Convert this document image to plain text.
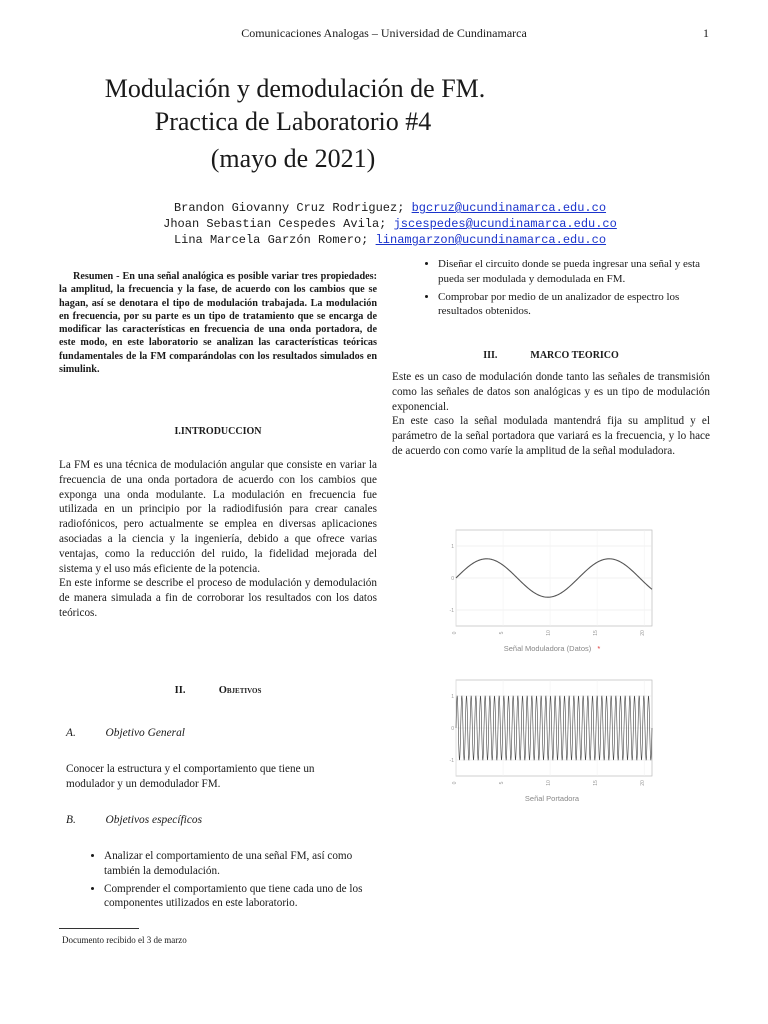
Comunicaciones Analogas – Universidad de Cundinamarca	1
Modulación y demodulación de FM.
Practica de Laboratorio #4
(mayo de 2021)
Brandon Giovanny Cruz Rodriguez; bgcruz@ucundinamarca.edu.co
Jhoan Sebastian Cespedes Avila; jscespedes@ucundinamarca.edu.co
Lina Marcela Garzón Romero; linamgarzon@ucundinamarca.edu.co
Resumen - En una señal analógica es posible variar tres propiedades: la amplitud, la frecuencia y la fase, de acuerdo con los cambios que se hagan, así se denotara el tipo de modulación trabajada. La modulación en frecuencia, por su parte es un tipo de tratamiento que se encarga de modificar las características en frecuencia de una onda portadora, de este modo, en este laboratorio se analizan las características teóricas fundamentales de la FM comparándolas con los resultados simulados en simulink.
I.INTRODUCCION
La FM es una técnica de modulación angular que consiste en variar la frecuencia de una onda portadora de acuerdo con los cambios que exponga una onda modulante. La modulación en frecuencia fue utilizada en un principio por la radiodifusión para crear canales radiofónicos, pero actualmente se emplea en diversas aplicaciones asociadas a la ciencia y la ingeniería, debido a que ofrece varias ventajas, como la reducción del ruido, la fidelidad mejorada del sistema y el uso más eficiente de la potencia.
En este informe se describe el proceso de modulación y demodulación de manera simulada a fin de corroborar los resultados con los datos teóricos.
II.	Objetivos
A.	Objetivo General
Conocer la estructura y el comportamiento que tiene un modulador y un demodulador FM.
B.	Objetivos específicos
• Analizar el comportamiento de una señal FM, así como también la demodulación.
• Comprender el comportamiento que tiene cada uno de los componentes utilizados en este laboratorio.
• Diseñar el circuito donde se pueda ingresar una señal y esta pueda ser modulada y demodulada en FM.
• Comprobar por medio de un analizador de espectro los resultados obtenidos.
III.	MARCO TEORICO
Este es un caso de modulación donde tanto las señales de transmisión como las señales de datos son analógicas y es un tipo de modulación exponencial.
En este caso la señal modulada mantendrá fija su amplitud y el parámetro de la señal portadora que variará es la frecuencia, y lo hace de acuerdo con como varíe la amplitud de la señal moduladora.
1
0
-1
0	5	10	15	20
Señal Moduladora (Datos) *
1
0
-1
0	5	10	15	20
Señal Portadora
Documento recibido el 3 de marzo
